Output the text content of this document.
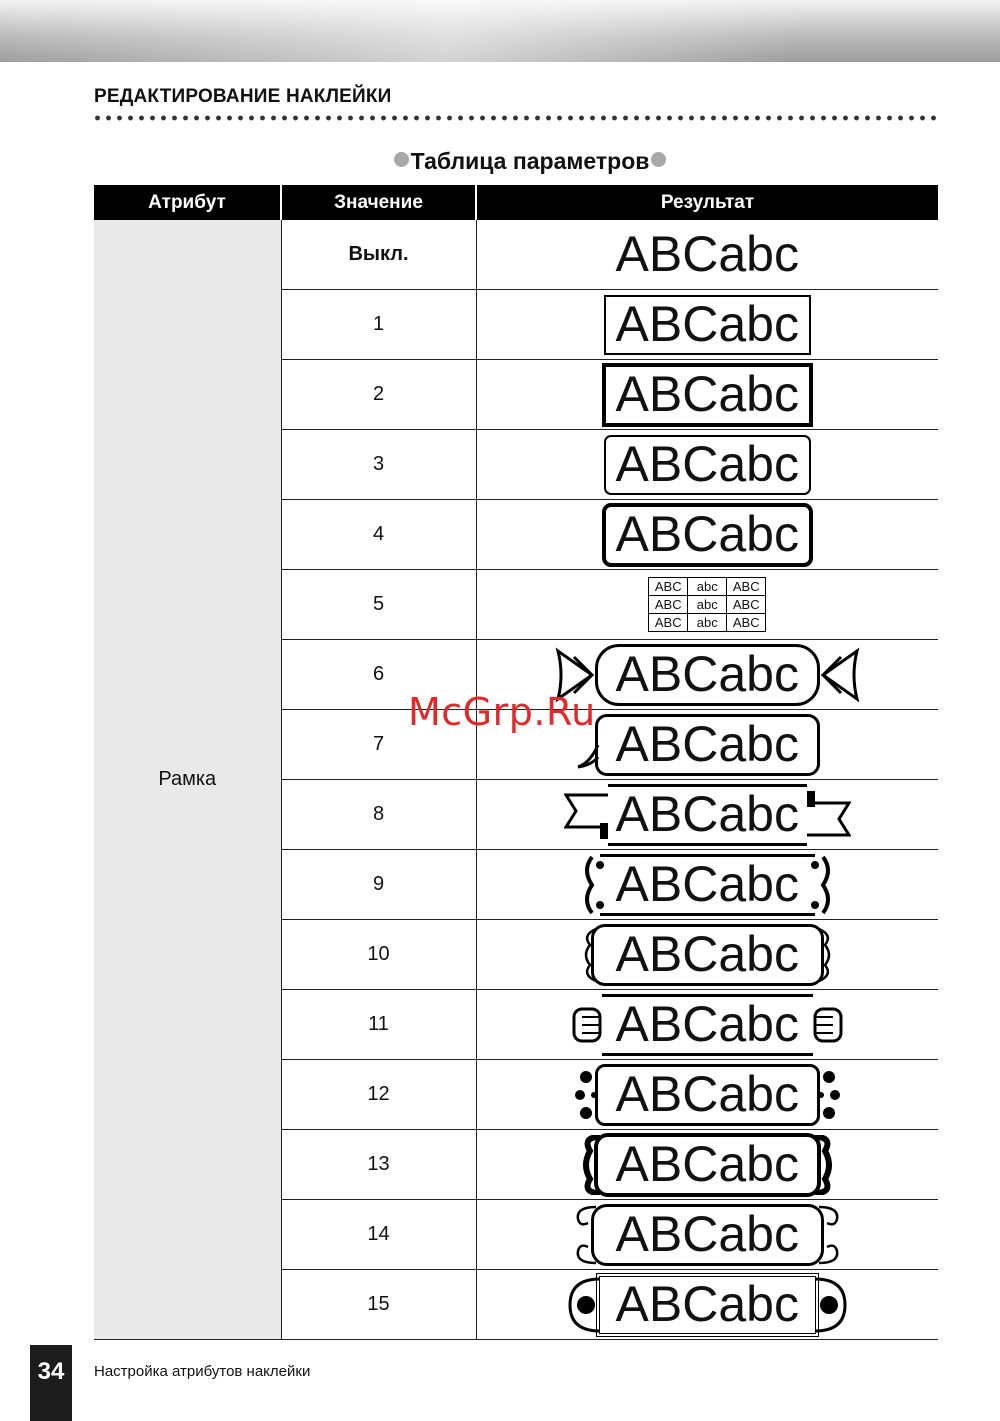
РЕДАКТИРОВАНИЕ НАКЛЕЙКИ
Таблица параметров
Атрибут	Значение	Результат
Рамка	Выкл.	ABCabc
1	ABCabc
2	ABCabc
3	ABCabc
4	ABCabc
5	ABC	abc	ABC
ABC	abc	ABC
ABC	abc	ABC
6	ABCabc

7	ABCabc
8	ABCabc

9	ABCabc

10	ABCabc

11	ABCabc

12	ABCabc

13	ABCabc

14	ABCabc

15	ABCabc
McGrp.Ru
34	Настройка атрибутов наклейки
